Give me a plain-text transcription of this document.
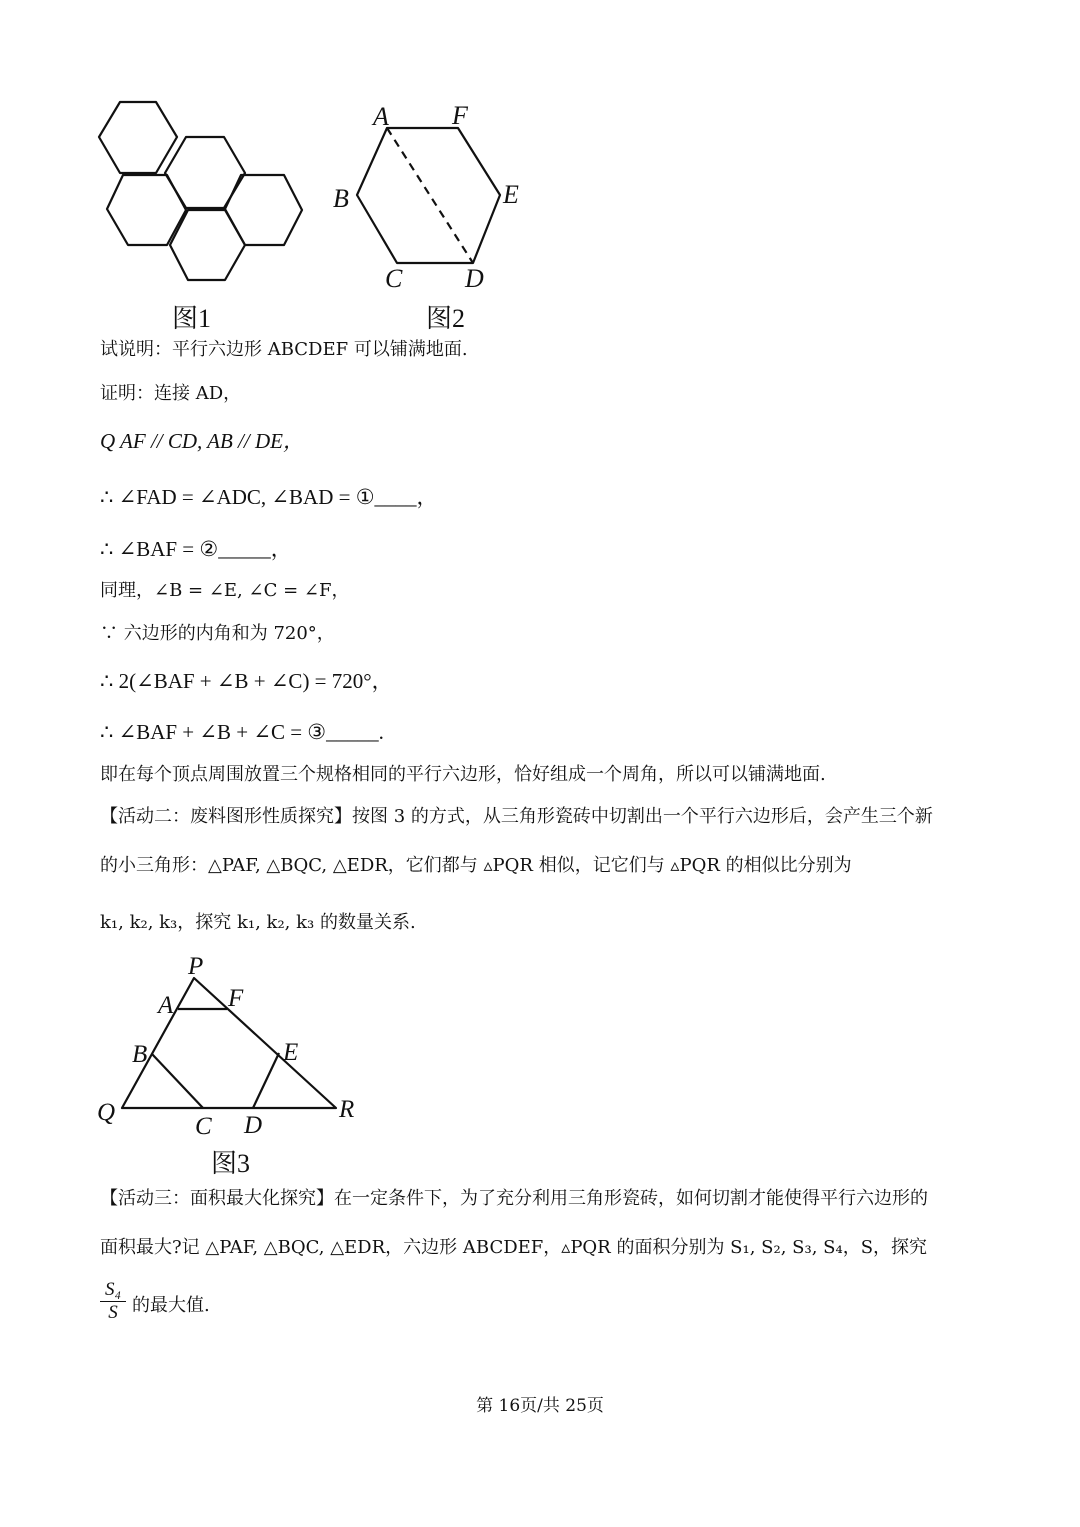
图1
A F
B	E
C D
图2
试说明：平行六边形 ABCDEF 可以铺满地面.
证明：连接 AD，
Q AF // CD, AB // DE，
∴ ∠FAD = ∠ADC, ∠BAD = ①____，
∴ ∠BAF = ②_____，
同理，∠B = ∠E, ∠C = ∠F，
∵ 六边形的内角和为 720°，
∴ 2(∠BAF + ∠B + ∠C) = 720°，
∴ ∠BAF + ∠B + ∠C = ③_____.
即在每个顶点周围放置三个规格相同的平行六边形，恰好组成一个周角，所以可以铺满地面.
【活动二：废料图形性质探究】按图 3 的方式，从三角形瓷砖中切割出一个平行六边形后，会产生三个新
的小三角形：△PAF, △BQC, △EDR，它们都与 ▵PQR 相似，记它们与 ▵PQR 的相似比分别为
k₁, k₂, k₃，探究 k₁, k₂, k₃ 的数量关系.
P
A F
B	E
Q
C D
R
图3
【活动三：面积最大化探究】在一定条件下，为了充分利用三角形瓷砖，如何切割才能使得平行六边形的
面积最大?记 △PAF, △BQC, △EDR，六边形 ABCDEF，▵PQR 的面积分别为 S₁, S₂, S₃, S₄，S，探究
S₄
S 的最大值.
第 16页/共 25页
